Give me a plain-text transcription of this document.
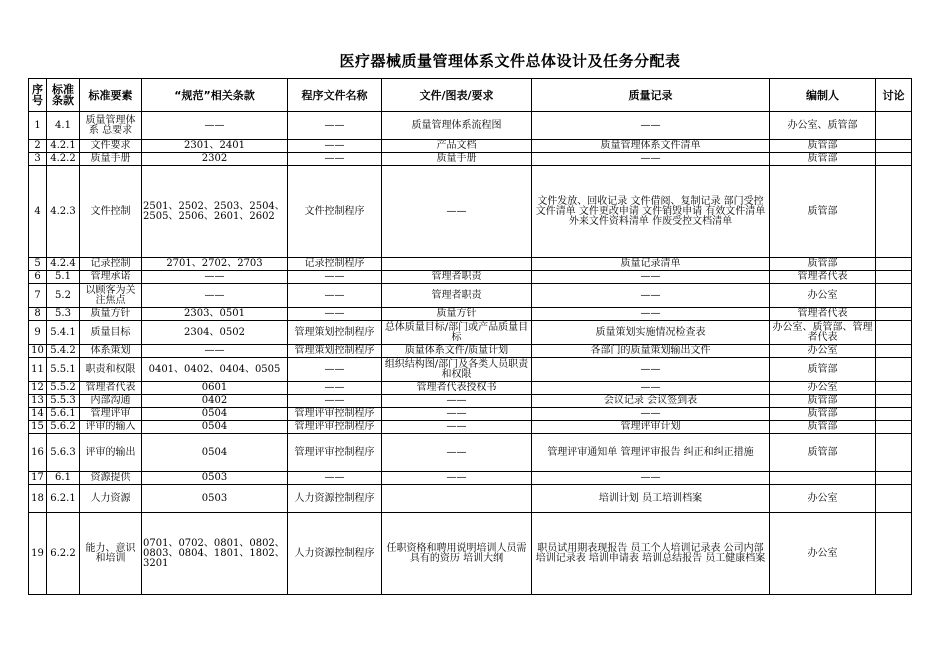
医疗器械质量管理体系文件总体设计及任务分配表
序号	标准条款	标准要素	“规范”相关条款	程序文件名称	文件/图表/要求	质量记录	编制人	讨论
1	4.1	质量管理体系 总要求	——	——	质量管理体系流程图	——	办公室、质管部	
2	4.2.1	文件要求	2301、2401	——	产品文档	质量管理体系文件清单	质管部	
3	4.2.2	质量手册	2302	——	质量手册	——	质管部	
4	4.2.3	文件控制	2501、2502、2503、2504、2505、2506、2601、2602	文件控制程序	——	文件发放、回收记录 文件借阅、复制记录 部门受控文件清单 文件更改申请 文件销毁申请 有效文件清单 外来文件资料清单 作废受控文档清单	质管部	
5	4.2.4	记录控制	2701、2702、2703	记录控制程序		质量记录清单	质管部	
6	5.1	管理承诺	——	——	管理者职责	——	管理者代表	
7	5.2	以顾客为关注焦点	——	——	管理者职责	——	办公室	
8	5.3	质量方针	2303、0501	——	质量方针	——	管理者代表	
9	5.4.1	质量目标	2304、0502	管理策划控制程序	总体质量目标/部门或产品质量目标	质量策划实施情况检查表	办公室、质管部、管理者代表	
10	5.4.2	体系策划	——	管理策划控制程序	质量体系文件/质量计划	各部门的质量策划输出文件	办公室	
11	5.5.1	职责和权限	0401、0402、0404、0505	——	组织结构图/部门及各类人员职责和权限	——	质管部	
12	5.5.2	管理者代表	0601	——	管理者代表授权书	——	办公室	
13	5.5.3	内部沟通	0402	——	——	会议记录 会议签到表	质管部	
14	5.6.1	管理评审	0504	管理评审控制程序	——	——	质管部	
15	5.6.2	评审的输入	0504	管理评审控制程序	——	管理评审计划	质管部	
16	5.6.3	评审的输出	0504	管理评审控制程序	——	管理评审通知单 管理评审报告 纠正和纠正措施	质管部	
17	6.1	资源提供	0503	——	——	——		
18	6.2.1	人力资源	0503	人力资源控制程序		培训计划 员工培训档案	办公室	
19	6.2.2	能力、意识和培训	0701、0702、0801、0802、0803、0804、1801、1802、3201	人力资源控制程序	任职资格和聘用说明培训人员需具有的资历 培训大纲	职员试用期表现报告 员工个人培训记录表 公司内部培训记录表 培训申请表 培训总结报告 员工健康档案	办公室	
